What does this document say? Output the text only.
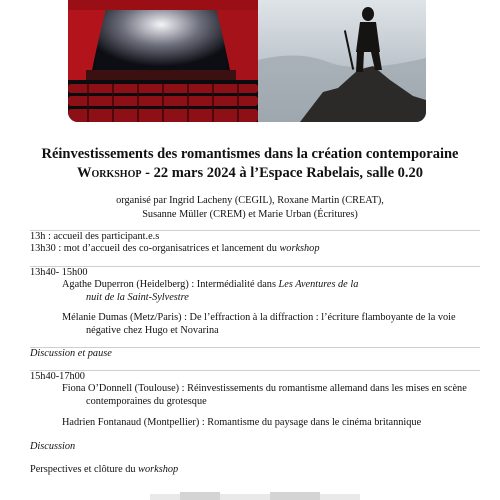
Réinvestissements des romantismes dans la création contemporaine
Workshop - 22 mars 2024 à l’Espace Rabelais, salle 0.20
organisé par Ingrid Lacheny (CEGIL), Roxane Martin (CREAT),
Susanne Müller (CREM) et Marie Urban (Écritures)
13h : accueil des participant.e.s
13h30 : mot d’accueil des co-organisatrices et lancement du workshop
13h40- 15h00
Agathe Duperron (Heidelberg) : Intermédialité dans Les Aventures de la
nuit de la Saint-Sylvestre
Mélanie Dumas (Metz/Paris) : De l’effraction à la diffraction : l’écriture flamboyante de la voie
négative chez Hugo et Novarina
Discussion et pause
15h40-17h00
Fiona O’Donnell (Toulouse) : Réinvestissements du romantisme allemand dans les mises en scène
contemporaines du grotesque
Hadrien Fontanaud (Montpellier) : Romantisme du paysage dans le cinéma britannique
Discussion
Perspectives et clôture du workshop
